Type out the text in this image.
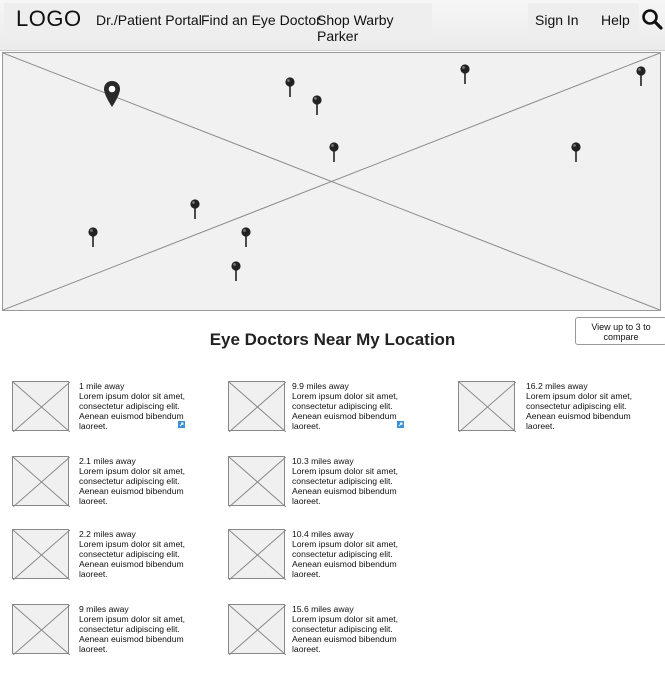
LOGO Dr./Patient Portal Find an Eye Doctor
Shop Warby Parker
Sign In Help
Eye Doctors Near My Location
View up to 3 to compare
1 mile away
Lorem ipsum dolor sit amet, consectetur adipiscing elit. Aenean euismod bibendum laoreet.
9.9 miles away
Lorem ipsum dolor sit amet, consectetur adipiscing elit. Aenean euismod bibendum laoreet.
16.2 miles away
Lorem ipsum dolor sit amet, consectetur adipiscing elit. Aenean euismod bibendum laoreet.
2.1 miles away
Lorem ipsum dolor sit amet, consectetur adipiscing elit. Aenean euismod bibendum laoreet.
10.3 miles away
Lorem ipsum dolor sit amet, consectetur adipiscing elit. Aenean euismod bibendum laoreet.
2.2 miles away
Lorem ipsum dolor sit amet, consectetur adipiscing elit. Aenean euismod bibendum laoreet.
10.4 miles away
Lorem ipsum dolor sit amet, consectetur adipiscing elit. Aenean euismod bibendum laoreet.
9 miles away
Lorem ipsum dolor sit amet, consectetur adipiscing elit. Aenean euismod bibendum laoreet.
15.6 miles away
Lorem ipsum dolor sit amet, consectetur adipiscing elit. Aenean euismod bibendum laoreet.
